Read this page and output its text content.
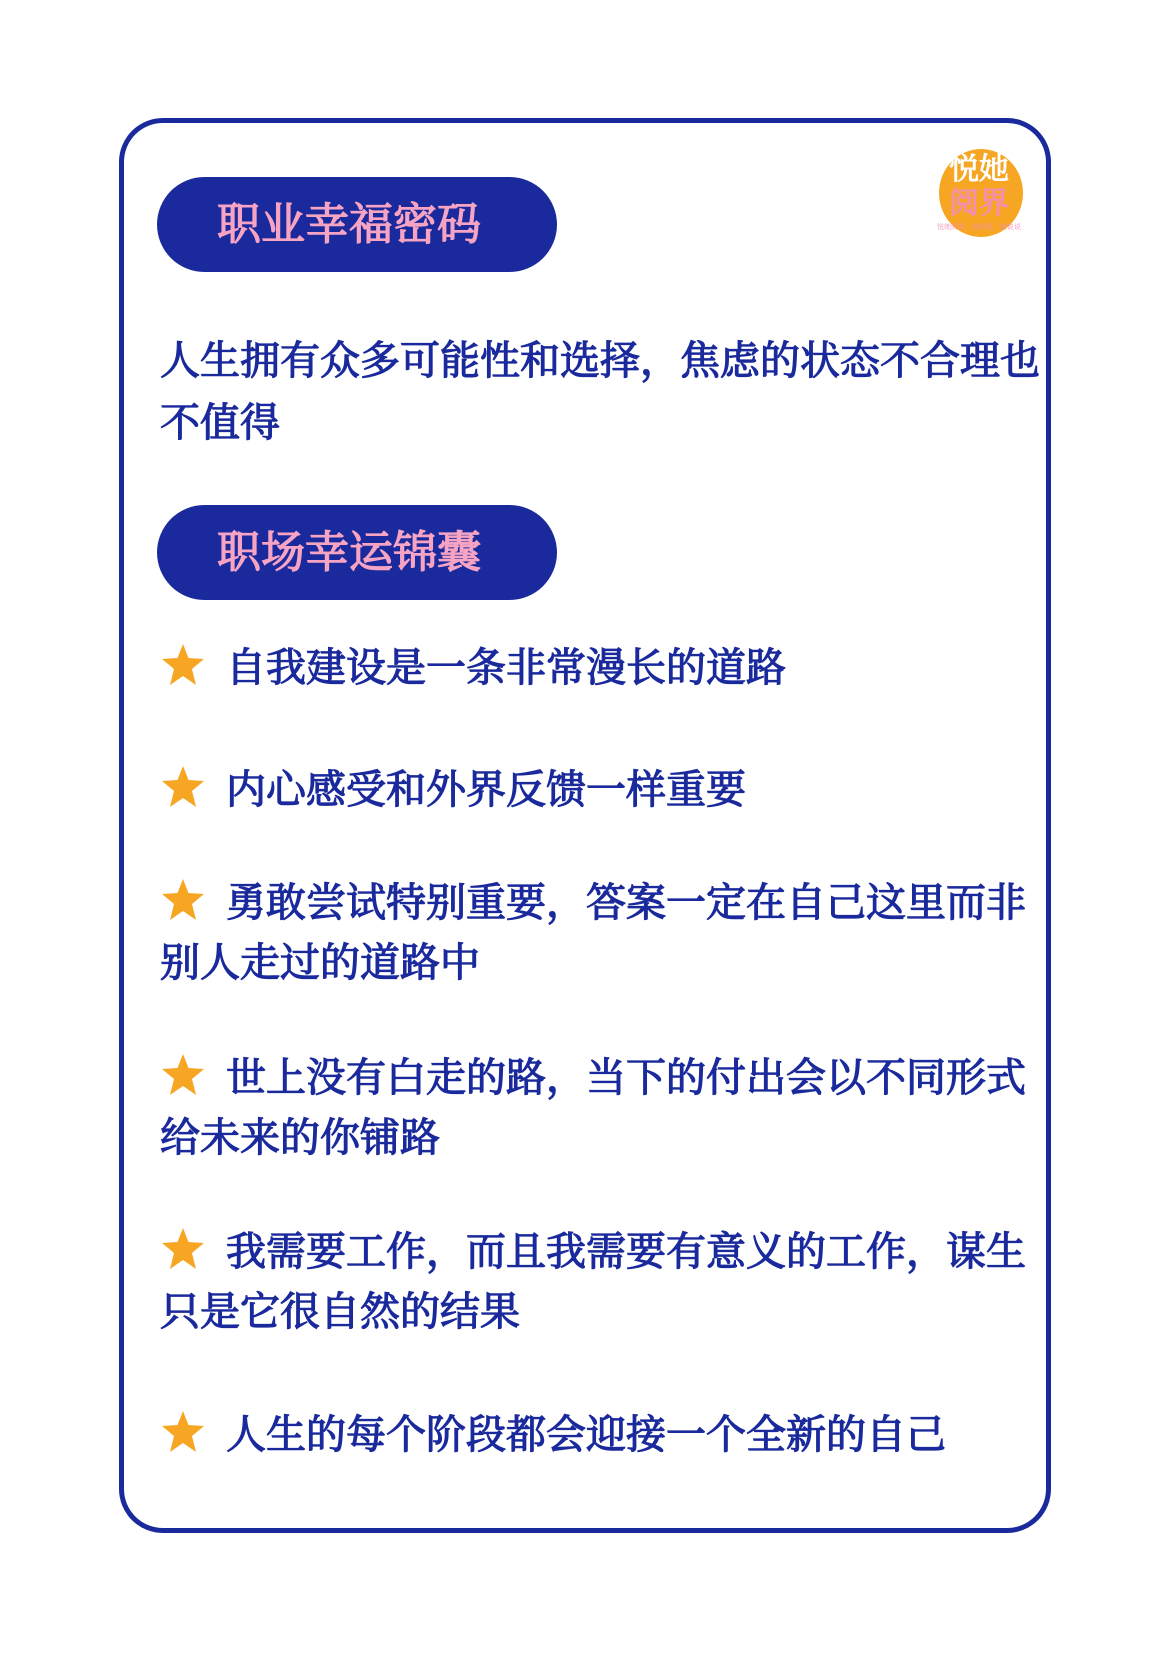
悦她
阅界
悦她阅界，她故事，她说说
职业幸福密码
人生拥有众多可能性和选择，焦虑的状态不合理也不值得
职场幸运锦囊
自我建设是一条非常漫长的道路
内心感受和外界反馈一样重要
勇敢尝试特别重要，答案一定在自己这里而非别人走过的道路中
世上没有白走的路，当下的付出会以不同形式给未来的你铺路
我需要工作，而且我需要有意义的工作，谋生只是它很自然的结果
人生的每个阶段都会迎接一个全新的自己
